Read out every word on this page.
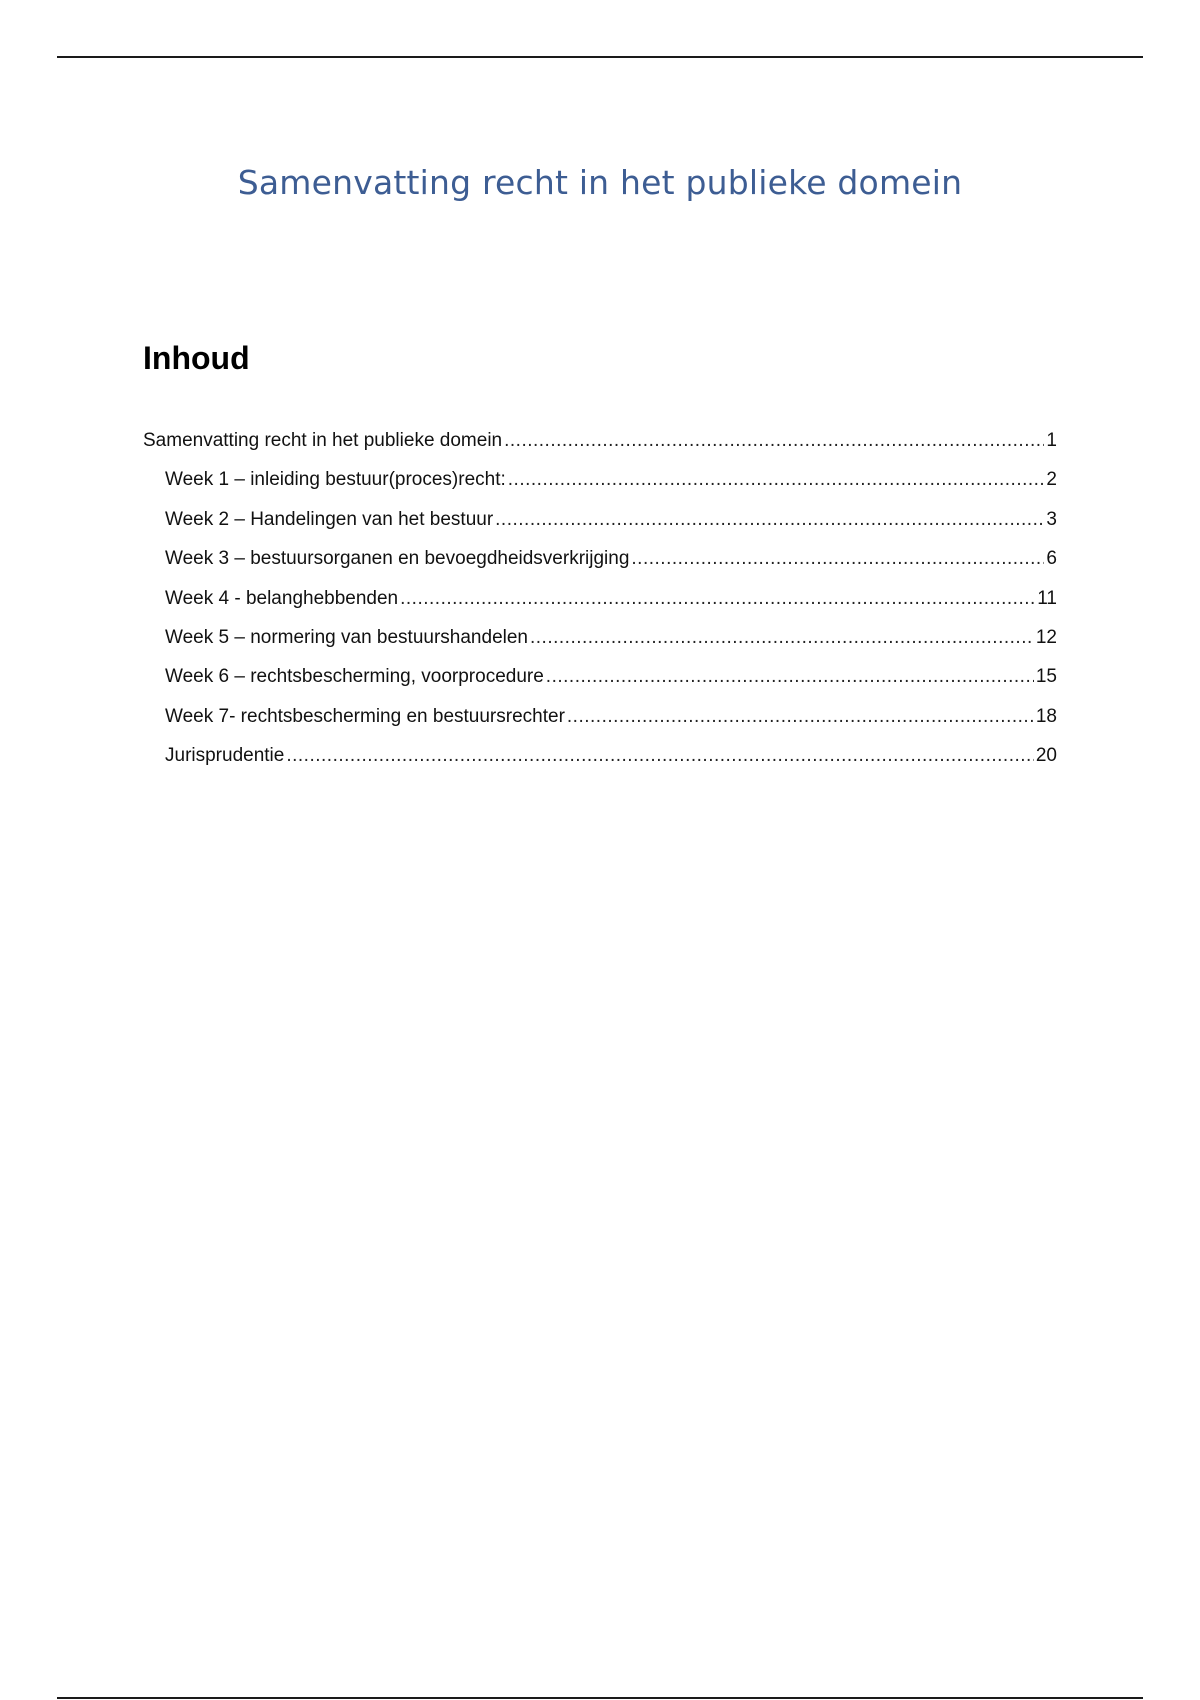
Samenvatting recht in het publieke domein
Inhoud
Samenvatting recht in het publieke domein .....	1
Week 1 – inleiding bestuur(proces)recht: .....	2
Week 2 – Handelingen van het bestuur .....	3
Week 3 – bestuursorganen en bevoegdheidsverkrijging .....	6
Week 4 - belanghebbenden .....	11
Week 5 – normering van bestuurshandelen .....	12
Week 6 – rechtsbescherming, voorprocedure .....	15
Week 7- rechtsbescherming en bestuursrechter .....	18
Jurisprudentie .....	20
